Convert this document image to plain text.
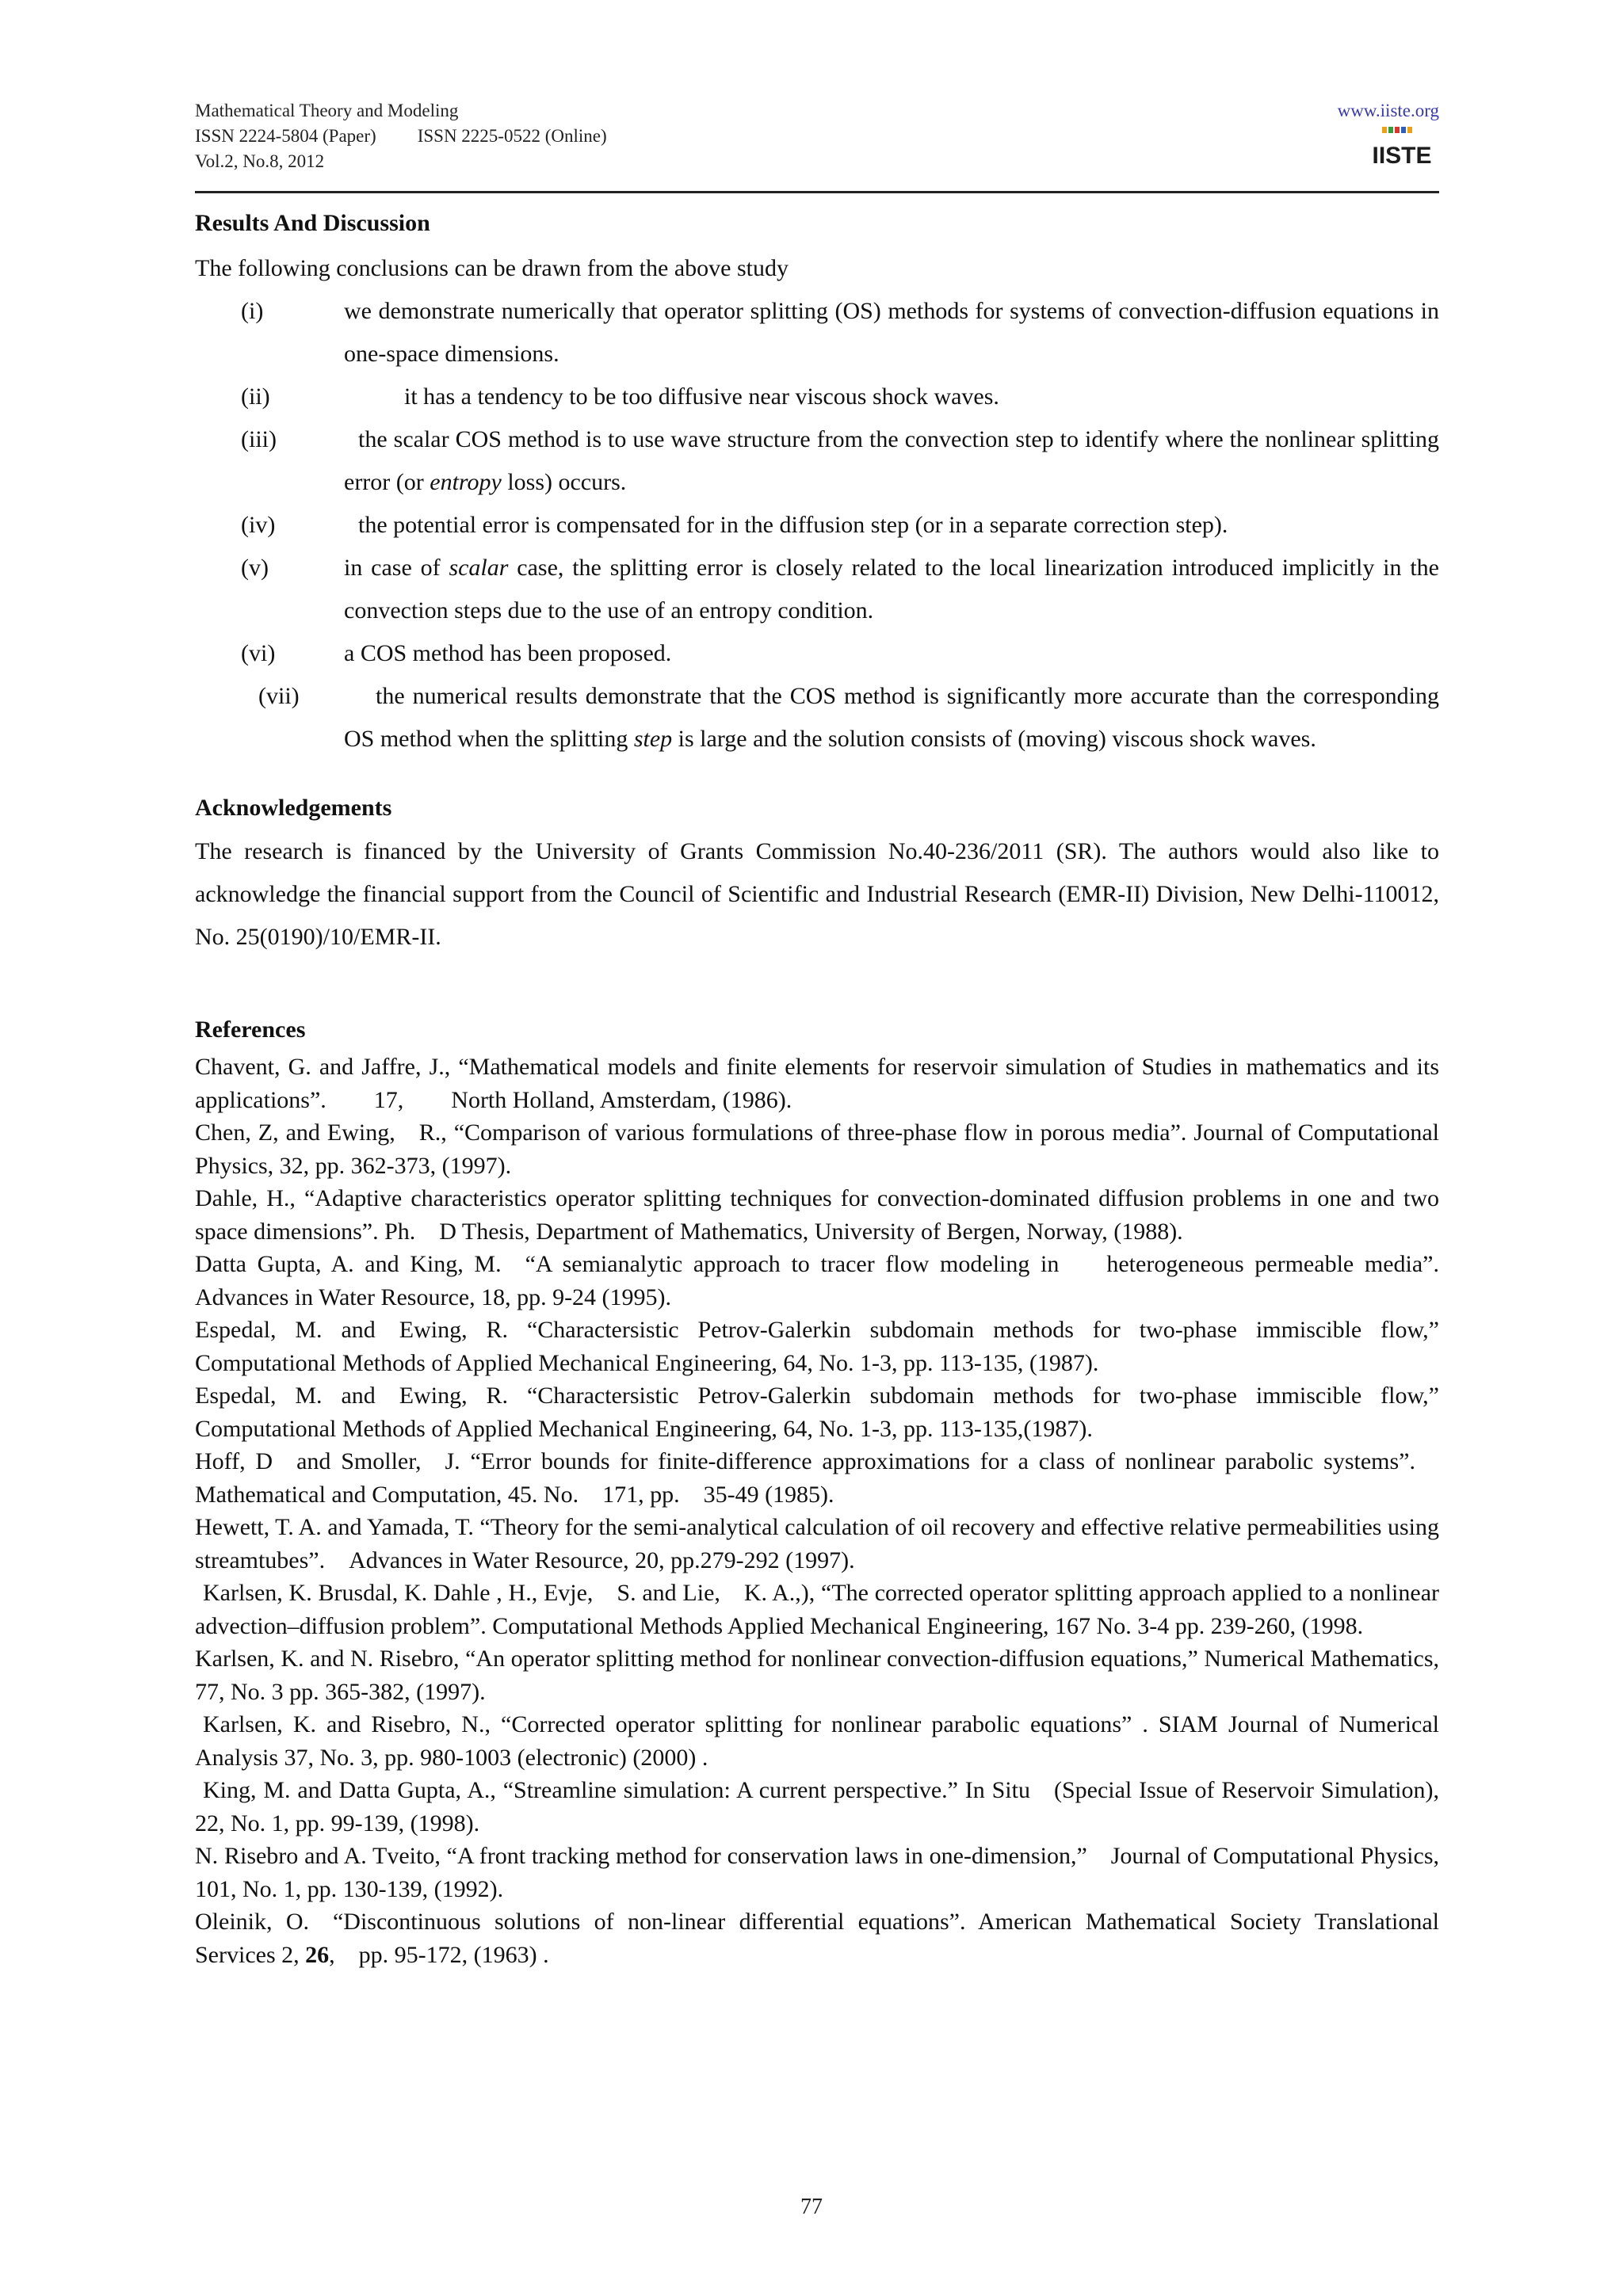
Mathematical Theory and Modeling
ISSN 2224-5804 (Paper) ISSN 2225-0522 (Online)
Vol.2, No.8, 2012
www.iiste.org
IISTE
Results And Discussion

The following conclusions can be drawn from the above study

(i)	we demonstrate numerically that operator splitting (OS) methods for systems of convection-diffusion equations in one-space dimensions.
(ii)	it has a tendency to be too diffusive near viscous shock waves.
(iii)	the scalar COS method is to use wave structure from the convection step to identify where the nonlinear splitting error (or entropy loss) occurs.
(iv)	the potential error is compensated for in the diffusion step (or in a separate correction step).
(v)	in case of scalar case, the splitting error is closely related to the local linearization introduced implicitly in the convection steps due to the use of an entropy condition.
(vi)	a COS method has been proposed.
(vii)	the numerical results demonstrate that the COS method is significantly more accurate than the corresponding OS method when the splitting step is large and the solution consists of (moving) viscous shock waves.
Acknowledgements

The research is financed by the University of Grants Commission No.40-236/2011 (SR). The authors would also like to acknowledge the financial support from the Council of Scientific and Industrial Research (EMR-II) Division, New Delhi-110012, No. 25(0190)/10/EMR-II.

References

Chavent, G. and Jaffre, J., “Mathematical models and finite elements for reservoir simulation of Studies in mathematics and its applications”.  17,  North Holland, Amsterdam, (1986).

Chen, Z, and Ewing, R., “Comparison of various formulations of three-phase flow in porous media”. Journal of Computational Physics, 32, pp. 362-373, (1997).

Dahle, H., “Adaptive characteristics operator splitting techniques for convection-dominated diffusion problems in one and two space dimensions”. Ph. D Thesis, Department of Mathematics, University of Bergen, Norway, (1988).

Datta Gupta, A. and King, M. “A semianalytic approach to tracer flow modeling in  heterogeneous permeable media”. Advances in Water Resource, 18, pp. 9-24 (1995).

Espedal, M. and Ewing, R. “Charactersistic Petrov-Galerkin subdomain methods for two-phase immiscible flow,” Computational Methods of Applied Mechanical Engineering, 64, No. 1-3, pp. 113-135, (1987).

Espedal, M. and Ewing, R. “Charactersistic Petrov-Galerkin subdomain methods for two-phase immiscible flow,” Computational Methods of Applied Mechanical Engineering, 64, No. 1-3, pp. 113-135,(1987).

Hoff, D and Smoller, J. “Error bounds for finite-difference approximations for a class of nonlinear parabolic systems”. Mathematical and Computation, 45. No. 171, pp. 35-49 (1985).

Hewett, T. A. and Yamada, T. “Theory for the semi-analytical calculation of oil recovery and effective relative permeabilities using streamtubes”. Advances in Water Resource, 20, pp.279-292 (1997).

Karlsen, K. Brusdal, K. Dahle , H., Evje, S. and Lie, K. A.,), “The corrected operator splitting approach applied to a nonlinear advection–diffusion problem”. Computational Methods Applied Mechanical Engineering, 167 No. 3-4 pp. 239-260, (1998.

Karlsen, K. and N. Risebro, “An operator splitting method for nonlinear convection-diffusion equations,” Numerical Mathematics, 77, No. 3 pp. 365-382, (1997).

Karlsen, K. and Risebro, N., “Corrected operator splitting for nonlinear parabolic equations” . SIAM Journal of Numerical Analysis 37, No. 3, pp. 980-1003 (electronic) (2000) .

King, M. and Datta Gupta, A., “Streamline simulation: A current perspective.” In Situ (Special Issue of Reservoir Simulation), 22, No. 1, pp. 99-139, (1998).

N. Risebro and A. Tveito, “A front tracking method for conservation laws in one-dimension,” Journal of Computational Physics, 101, No. 1, pp. 130-139, (1992).

Oleinik, O. “Discontinuous solutions of non-linear differential equations”. American Mathematical Society Translational Services 2, 26, pp. 95-172, (1963) .

77
